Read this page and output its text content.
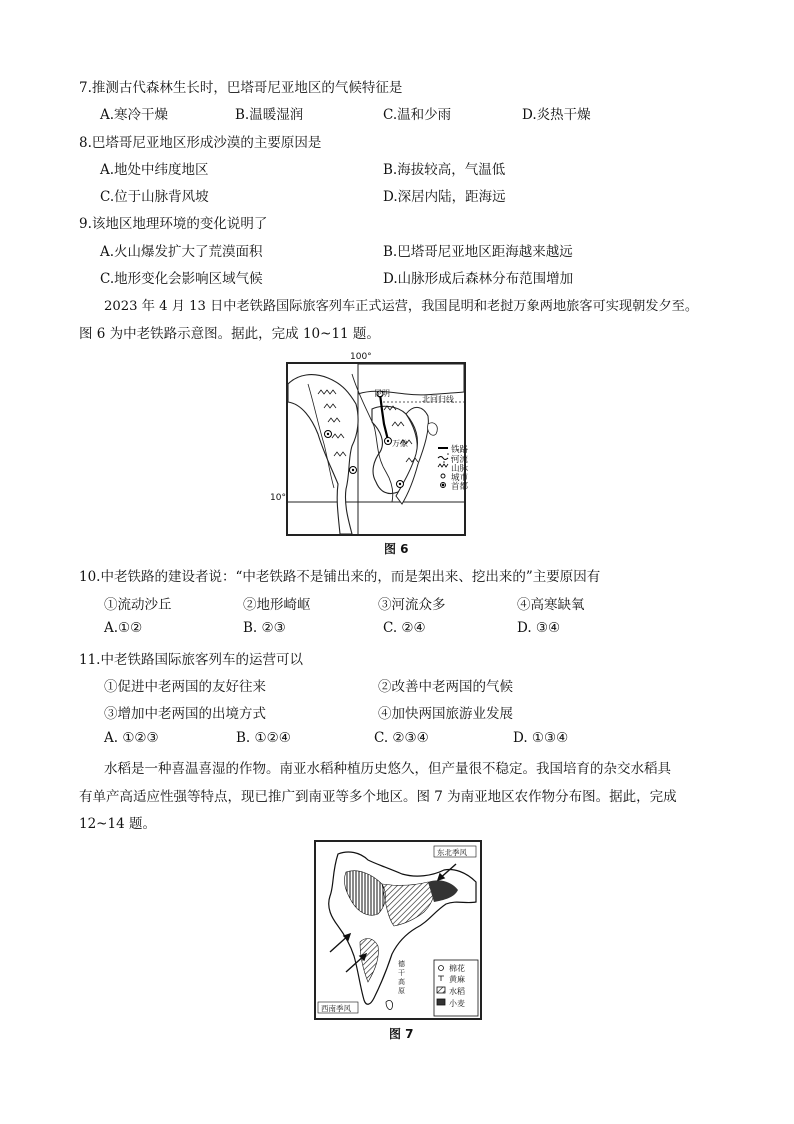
7.推测古代森林生长时，巴塔哥尼亚地区的气候特征是
A.寒冷干燥	B.温暖湿润	C.温和少雨	D.炎热干燥
8.巴塔哥尼亚地区形成沙漠的主要原因是
A.地处中纬度地区	B.海拔较高，气温低
C.位于山脉背风坡	D.深居内陆，距海远
9.该地区地理环境的变化说明了
A.火山爆发扩大了荒漠面积	B.巴塔哥尼亚地区距海越来越远
C.地形变化会影响区域气候	D.山脉形成后森林分布范围增加
2023 年 4 月 13 日中老铁路国际旅客列车正式运营，我国昆明和老挝万象两地旅客可实现朝发夕至。
图 6 为中老铁路示意图。据此，完成 10~11 题。
昆明
万象
北回归线
铁路
河流
山脉
城市
首都
100°
10°
图 6
10.中老铁路的建设者说：“中老铁路不是铺出来的，而是架出来、挖出来的”主要原因有
①流动沙丘	②地形崎岖	③河流众多	④高寒缺氧
A.①②	B. ②③	C. ②④	D. ③④
11.中老铁路国际旅客列车的运营可以
①促进中老两国的友好往来	②改善中老两国的气候
③增加中老两国的出境方式	④加快两国旅游业发展
A. ①②③	B. ①②④	C. ②③④	D. ①③④
水稻是一种喜温喜湿的作物。南亚水稻种植历史悠久，但产量很不稳定。我国培育的杂交水稻具
有单产高适应性强等特点，现已推广到南亚等多个地区。图 7 为南亚地区农作物分布图。据此，完成
12~14 题。
东北季风
西南季风
德干高原
棉花
黄麻
水稻
小麦
图 7
